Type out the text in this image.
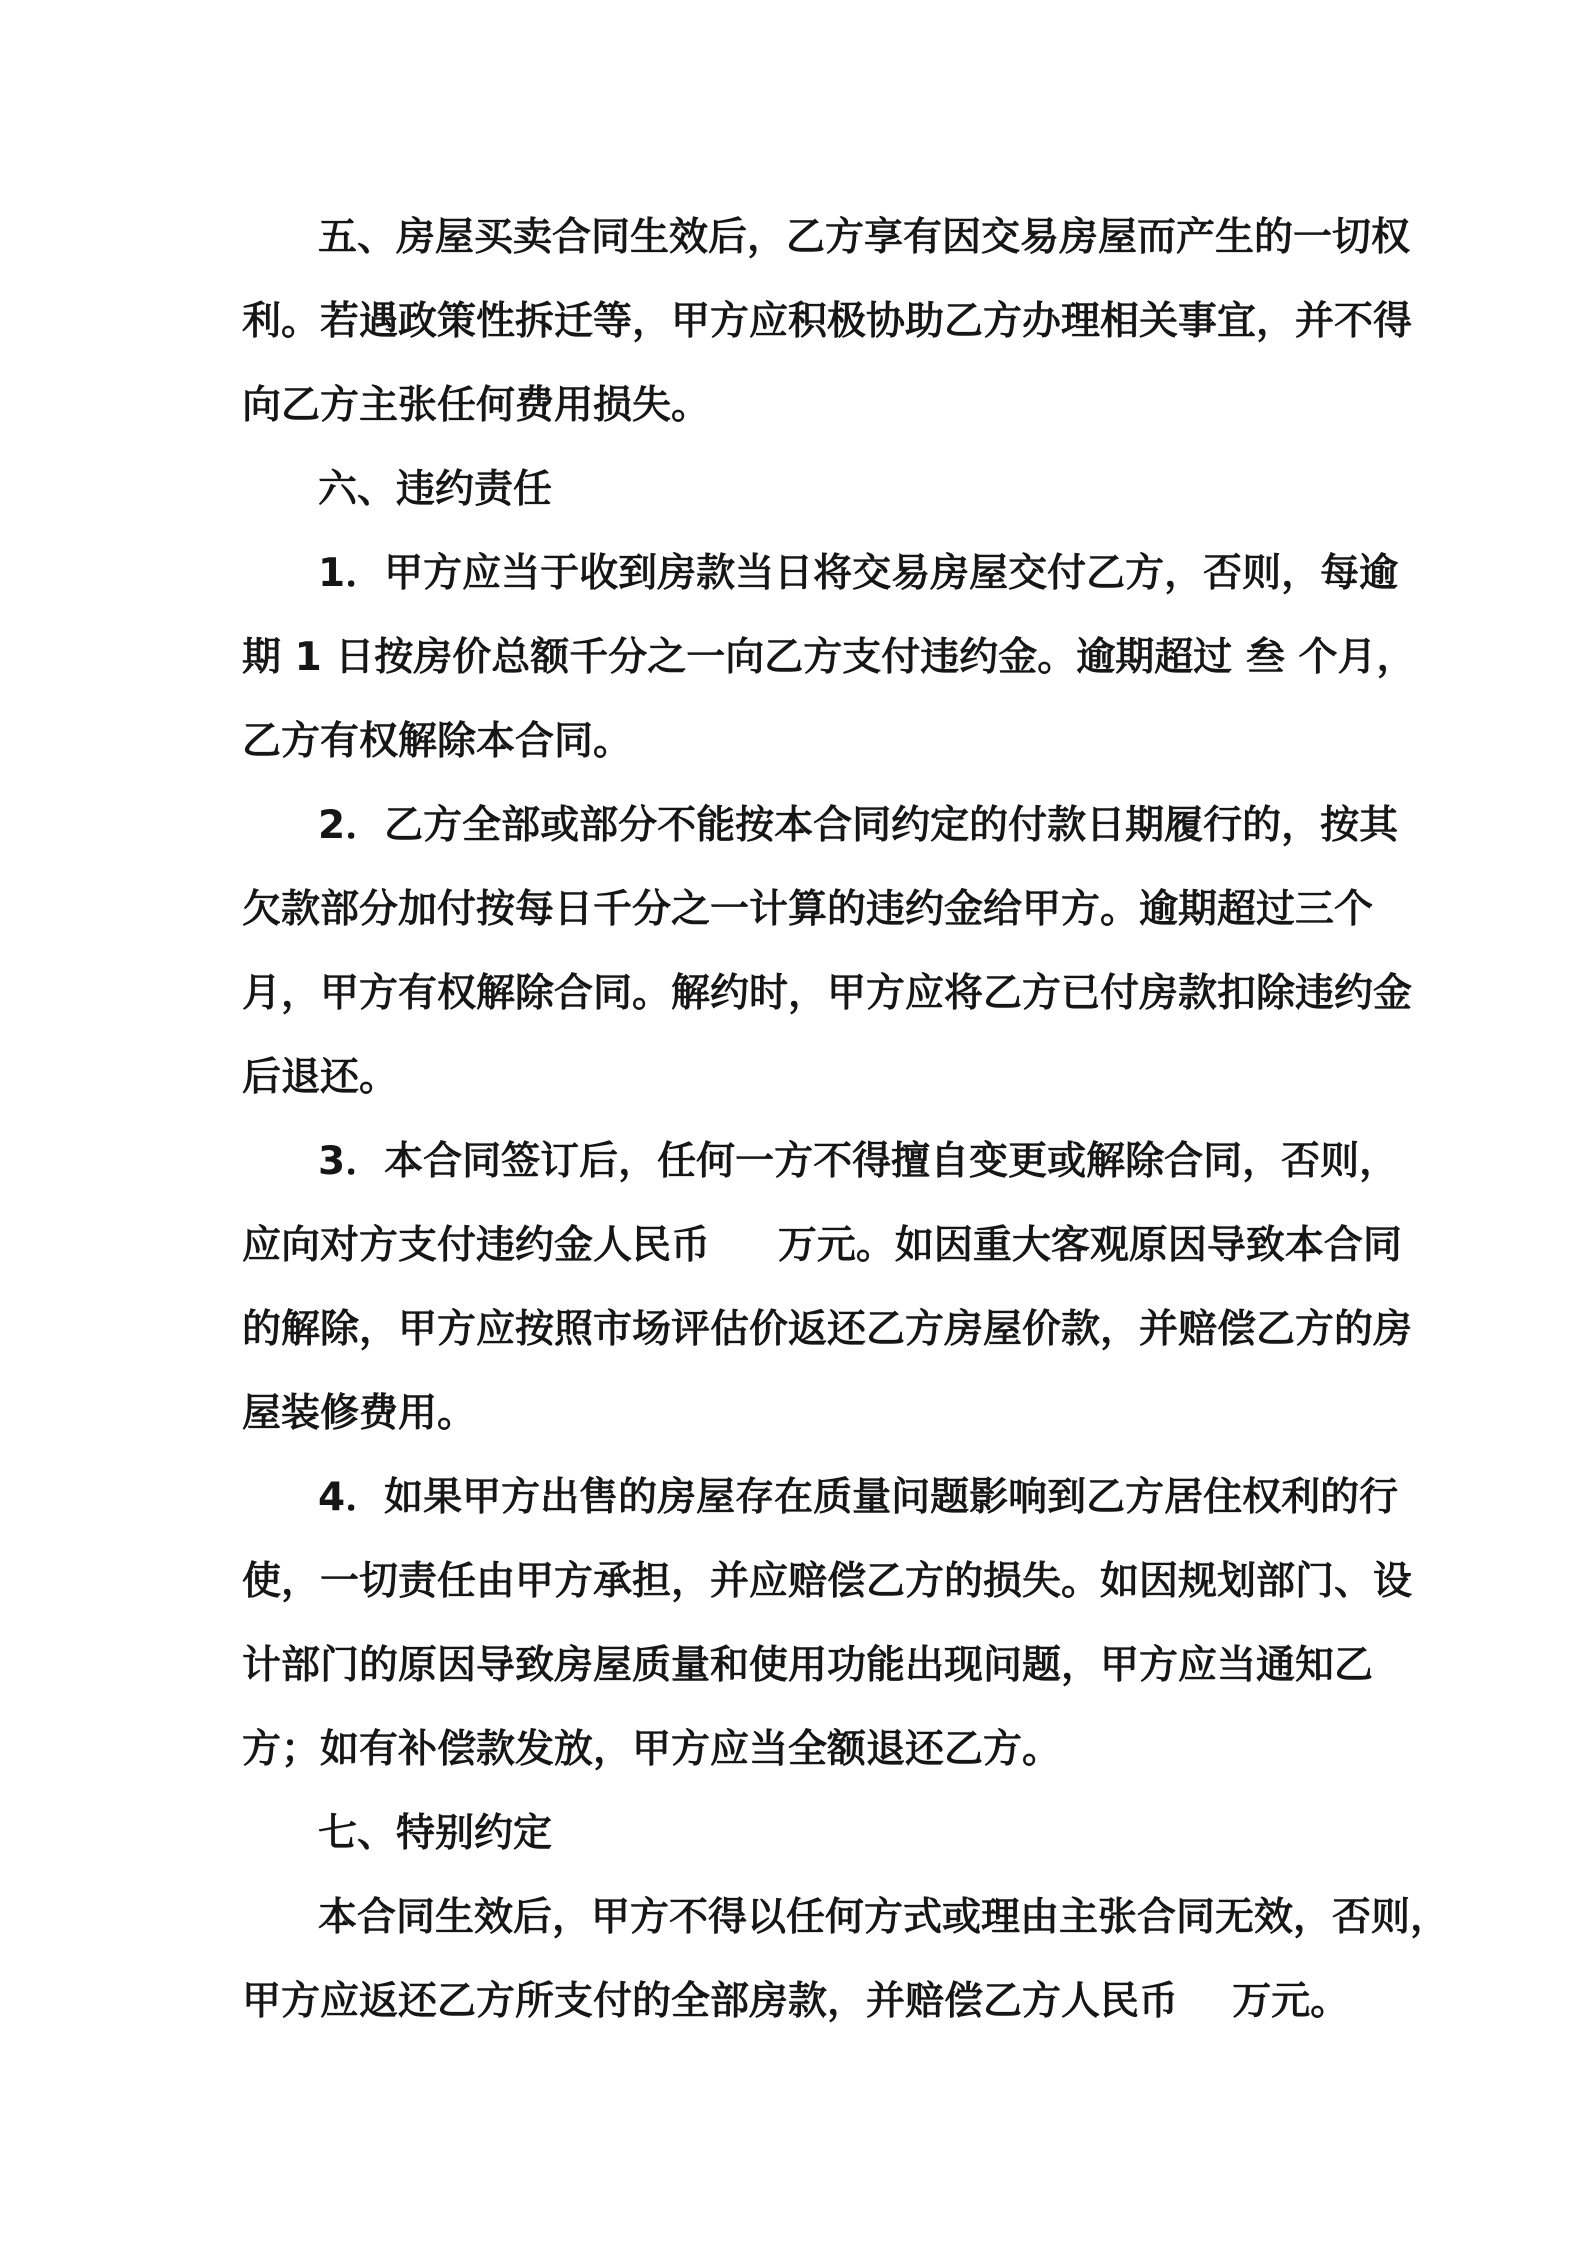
五、房屋买卖合同生效后，乙方享有因交易房屋而产生的一切权
利。若遇政策性拆迁等，甲方应积极协助乙方办理相关事宜，并不得
向乙方主张任何费用损失。

六、违约责任

1．甲方应当于收到房款当日将交易房屋交付乙方，否则，每逾
期 1 日按房价总额千分之一向乙方支付违约金。逾期超过 叁 个月，
乙方有权解除本合同。

2．乙方全部或部分不能按本合同约定的付款日期履行的，按其
欠款部分加付按每日千分之一计算的违约金给甲方。逾期超过三个
月，甲方有权解除合同。解约时，甲方应将乙方已付房款扣除违约金
后退还。

3．本合同签订后，任何一方不得擅自变更或解除合同，否则，
应向对方支付违约金人民币     万元。如因重大客观原因导致本合同
的解除，甲方应按照市场评估价返还乙方房屋价款，并赔偿乙方的房
屋装修费用。

4．如果甲方出售的房屋存在质量问题影响到乙方居住权利的行
使，一切责任由甲方承担，并应赔偿乙方的损失。如因规划部门、设
计部门的原因导致房屋质量和使用功能出现问题，甲方应当通知乙
方；如有补偿款发放，甲方应当全额退还乙方。

七、特别约定

本合同生效后，甲方不得以任何方式或理由主张合同无效，否则，
甲方应返还乙方所支付的全部房款，并赔偿乙方人民币    万元。
